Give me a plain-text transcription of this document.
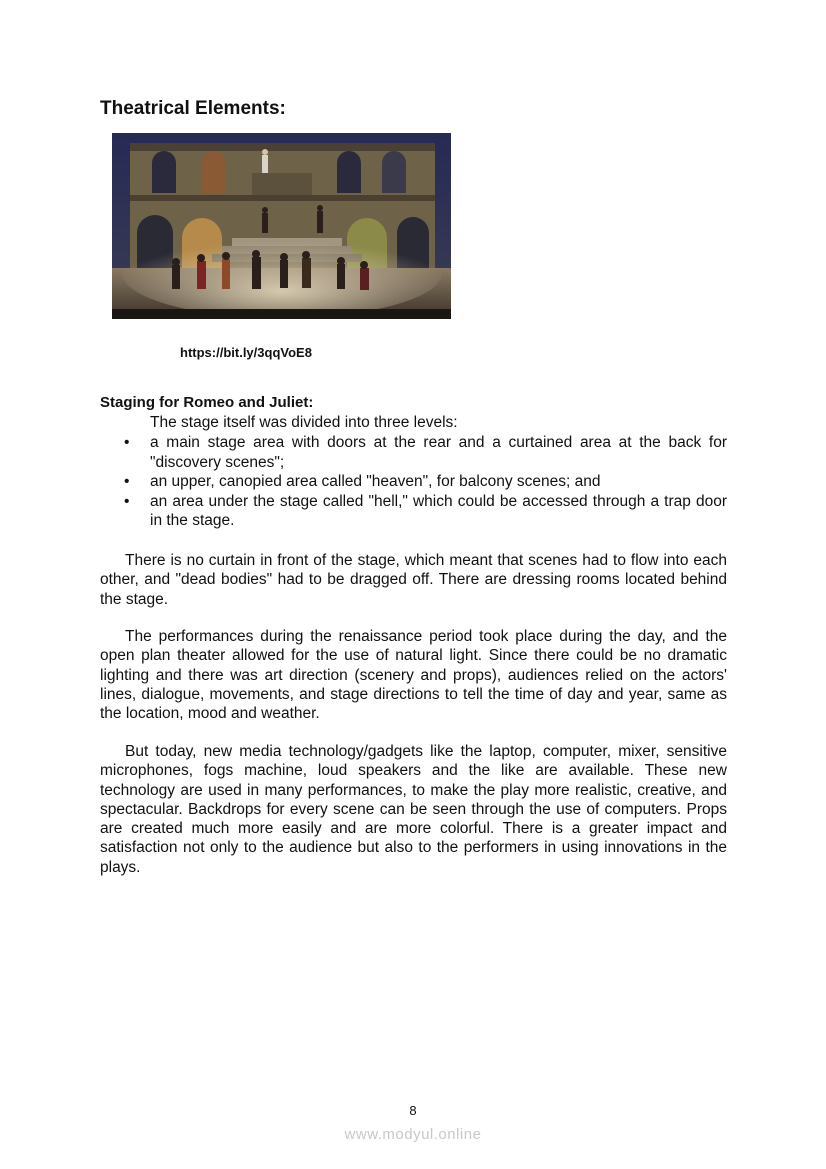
Theatrical Elements:
https://bit.ly/3qqVoE8
Staging for Romeo and Juliet:
The stage itself was divided into three levels:
• a main stage area with doors at the rear and a curtained area at the back for "discovery scenes";
• an upper, canopied area called "heaven", for balcony scenes; and
• an area under the stage called "hell," which could be accessed through a trap door in the stage.

There is no curtain in front of the stage, which meant that scenes had to flow into each other, and "dead bodies" had to be dragged off. There are dressing rooms located behind the stage.

The performances during the renaissance period took place during the day, and the open plan theater allowed for the use of natural light. Since there could be no dramatic lighting and there was art direction (scenery and props), audiences relied on the actors' lines, dialogue, movements, and stage directions to tell the time of day and year, same as the location, mood and weather.

But today, new media technology/gadgets like the laptop, computer, mixer, sensitive microphones, fogs machine, loud speakers and the like are available. These new technology are used in many performances, to make the play more realistic, creative, and spectacular. Backdrops for every scene can be seen through the use of computers. Props are created much more easily and are more colorful. There is a greater impact and satisfaction not only to the audience but also to the performers in using innovations in the plays.

8
www.modyul.online
